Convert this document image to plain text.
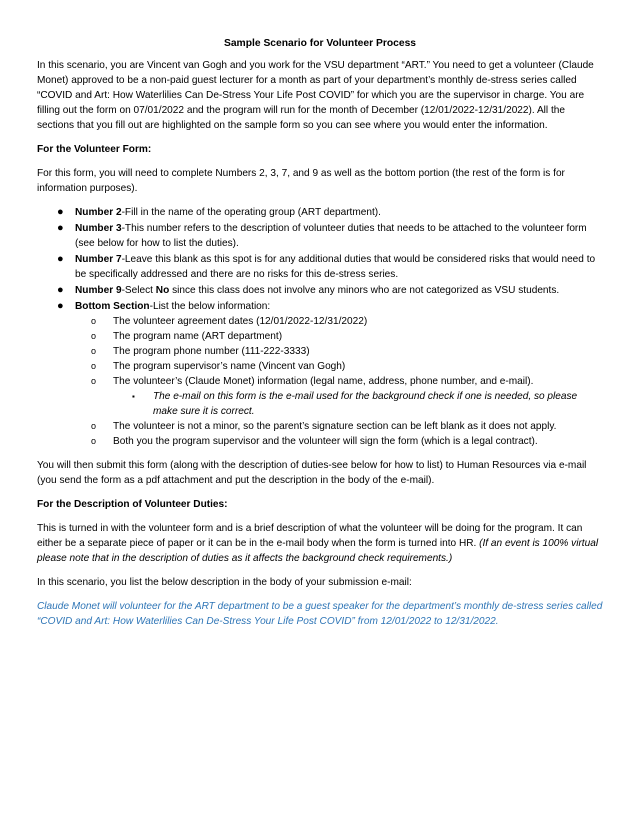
Sample Scenario for Volunteer Process

In this scenario, you are Vincent van Gogh and you work for the VSU department “ART.” You need to get a volunteer (Claude Monet) approved to be a non-paid guest lecturer for a month as part of your department’s monthly de-stress series called “COVID and Art: How Waterlilies Can De-Stress Your Life Post COVID” for which you are the supervisor in charge. You are filling out the form on 07/01/2022 and the program will run for the month of December (12/01/2022-12/31/2022). All the sections that you fill out are highlighted on the sample form so you can see where you would enter the information.

For the Volunteer Form:

For this form, you will need to complete Numbers 2, 3, 7, and 9 as well as the bottom portion (the rest of the form is for information purposes).

● Number 2-Fill in the name of the operating group (ART department).
● Number 3-This number refers to the description of volunteer duties that needs to be attached to the volunteer form (see below for how to list the duties).
● Number 7-Leave this blank as this spot is for any additional duties that would be considered risks that would need to be specifically addressed and there are no risks for this de-stress series.
● Number 9-Select No since this class does not involve any minors who are not categorized as VSU students.
● Bottom Section-List the below information:
o The volunteer agreement dates (12/01/2022-12/31/2022)
o The program name (ART department)
o The program phone number (111-222-3333)
o The program supervisor’s name (Vincent van Gogh)
o The volunteer’s (Claude Monet) information (legal name, address, phone number, and e-mail).
▪ The e-mail on this form is the e-mail used for the background check if one is needed, so please make sure it is correct.
o The volunteer is not a minor, so the parent’s signature section can be left blank as it does not apply.
o Both you the program supervisor and the volunteer will sign the form (which is a legal contract).

You will then submit this form (along with the description of duties-see below for how to list) to Human Resources via e-mail (you send the form as a pdf attachment and put the description in the body of the e-mail).

For the Description of Volunteer Duties:

This is turned in with the volunteer form and is a brief description of what the volunteer will be doing for the program. It can either be a separate piece of paper or it can be in the e-mail body when the form is turned into HR. (If an event is 100% virtual please note that in the description of duties as it affects the background check requirements.)

In this scenario, you list the below description in the body of your submission e-mail:

Claude Monet will volunteer for the ART department to be a guest speaker for the department’s monthly de-stress series called “COVID and Art: How Waterlilies Can De-Stress Your Life Post COVID” from 12/01/2022 to 12/31/2022.
